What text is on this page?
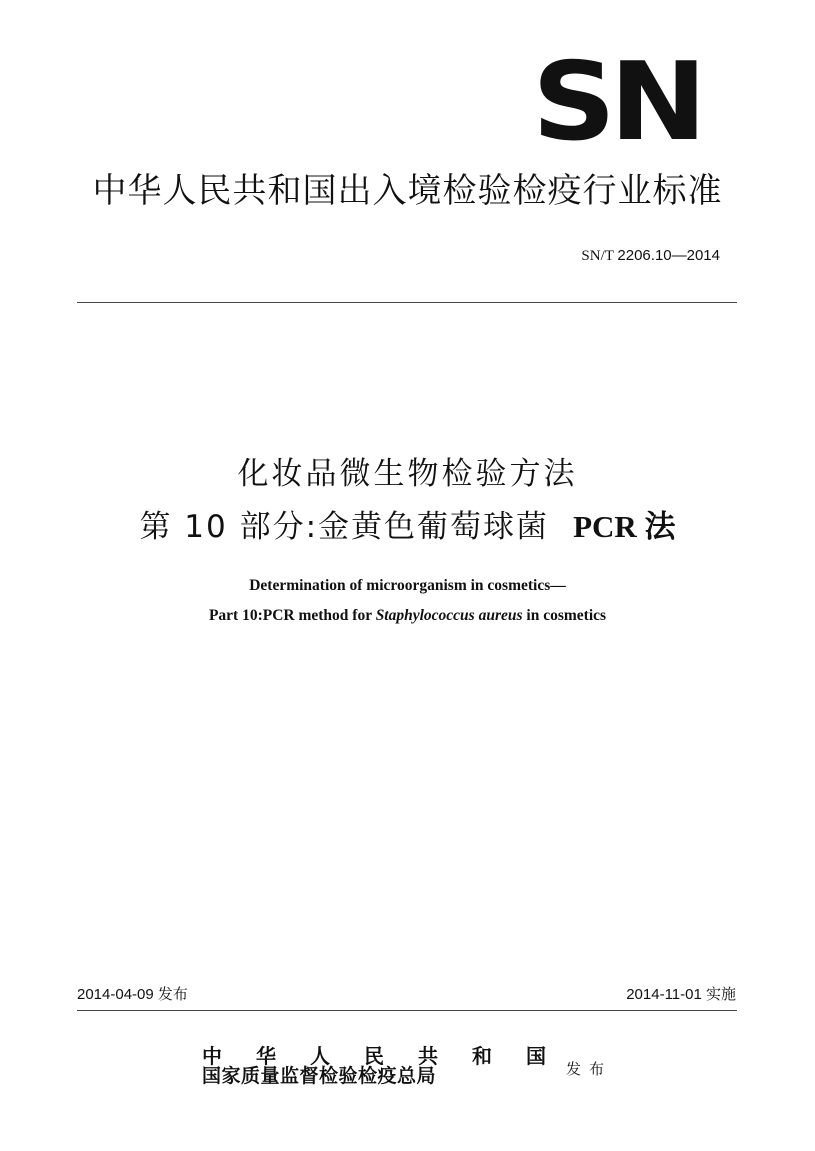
SN
中华人民共和国出入境检验检疫行业标准
SN/T 2206.10—2014
化妆品微生物检验方法
第 10 部分:金黄色葡萄球菌 PCR 法
Determination of microorganism in cosmetics—
Part 10:PCR method for Staphylococcus aureus in cosmetics
2014-04-09 发布	2014-11-01 实施
中 华 人 民 共 和 国
国家质量监督检验检疫总局	发布
